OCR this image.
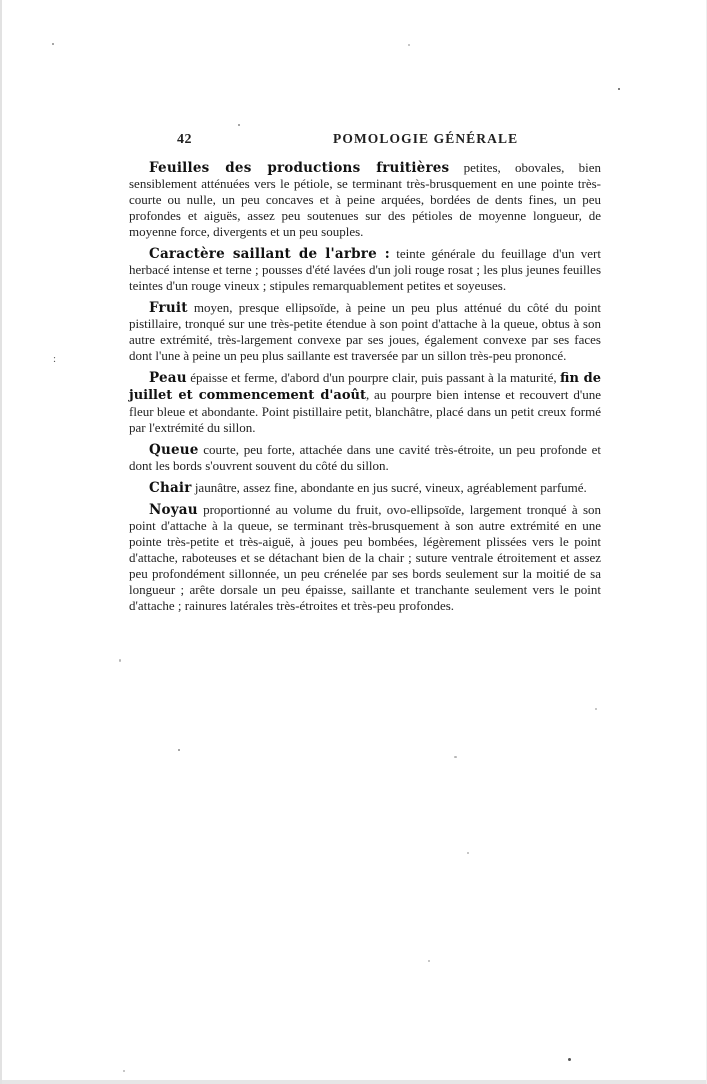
42	POMOLOGIE GÉNÉRALE

Feuilles des productions fruitières petites, obovales, bien sensiblement atténuées vers le pétiole, se terminant très-brusquement en une pointe très-courte ou nulle, un peu concaves et à peine arquées, bordées de dents fines, un peu profondes et aiguës, assez peu soutenues sur des pétioles de moyenne longueur, de moyenne force, divergents et un peu souples.

Caractère saillant de l'arbre : teinte générale du feuillage d'un vert herbacé intense et terne ; pousses d'été lavées d'un joli rouge rosat ; les plus jeunes feuilles teintes d'un rouge vineux ; stipules remarquablement petites et soyeuses.

Fruit moyen, presque ellipsoïde, à peine un peu plus atténué du côté du point pistillaire, tronqué sur une très-petite étendue à son point d'attache à la queue, obtus à son autre extrémité, très-largement convexe par ses joues, également convexe par ses faces dont l'une à peine un peu plus saillante est traversée par un sillon très-peu prononcé.

Peau épaisse et ferme, d'abord d'un pourpre clair, puis passant à la maturité, fin de juillet et commencement d'août, au pourpre bien intense et recouvert d'une fleur bleue et abondante. Point pistillaire petit, blanchâtre, placé dans un petit creux formé par l'extrémité du sillon.

Queue courte, peu forte, attachée dans une cavité très-étroite, un peu profonde et dont les bords s'ouvrent souvent du côté du sillon.

Chair jaunâtre, assez fine, abondante en jus sucré, vineux, agréablement parfumé.

Noyau proportionné au volume du fruit, ovo-ellipsoïde, largement tronqué à son point d'attache à la queue, se terminant très-brusquement à son autre extrémité en une pointe très-petite et très-aiguë, à joues peu bombées, légèrement plissées vers le point d'attache, raboteuses et se détachant bien de la chair ; suture ventrale étroitement et assez peu profondément sillonnée, un peu crénelée par ses bords seulement sur la moitié de sa longueur ; arête dorsale un peu épaisse, saillante et tranchante seulement vers le point d'attache ; rainures latérales très-étroites et très-peu profondes.

:
